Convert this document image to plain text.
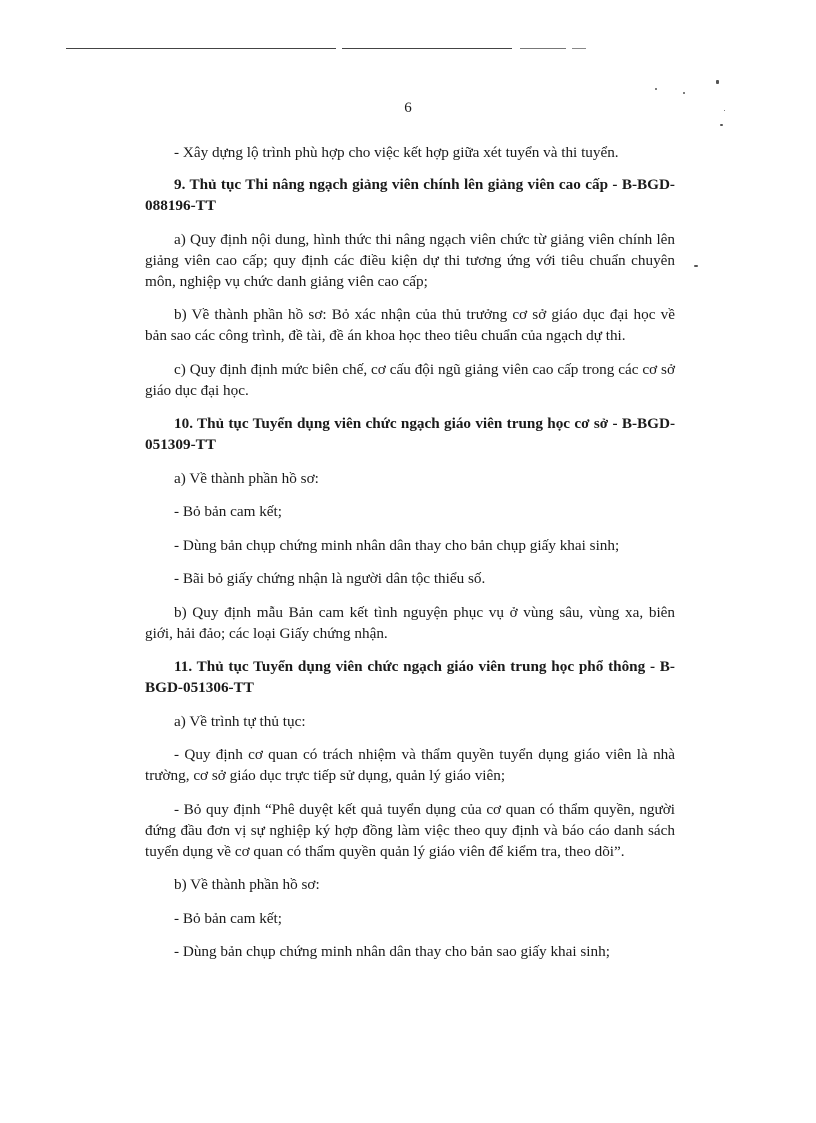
6

- Xây dựng lộ trình phù hợp cho việc kết hợp giữa xét tuyển và thi tuyển.

9. Thủ tục Thi nâng ngạch giảng viên chính lên giảng viên cao cấp - B-BGD-088196-TT

a) Quy định nội dung, hình thức thi nâng ngạch viên chức từ giảng viên chính lên giảng viên cao cấp; quy định các điều kiện dự thi tương ứng với tiêu chuẩn chuyên môn, nghiệp vụ chức danh giảng viên cao cấp;

b) Về thành phần hồ sơ: Bỏ xác nhận của thủ trưởng cơ sở giáo dục đại học về bản sao các công trình, đề tài, đề án khoa học theo tiêu chuẩn của ngạch dự thi.

c) Quy định định mức biên chế, cơ cấu đội ngũ giảng viên cao cấp trong các cơ sở giáo dục đại học.

10. Thủ tục Tuyển dụng viên chức ngạch giáo viên trung học cơ sở - B-BGD-051309-TT

a) Về thành phần hồ sơ:

- Bỏ bản cam kết;

- Dùng bản chụp chứng minh nhân dân thay cho bản chụp giấy khai sinh;

- Bãi bỏ giấy chứng nhận là người dân tộc thiểu số.

b) Quy định mẫu Bản cam kết tình nguyện phục vụ ở vùng sâu, vùng xa, biên giới, hải đảo; các loại Giấy chứng nhận.

11. Thủ tục Tuyển dụng viên chức ngạch giáo viên trung học phổ thông - B-BGD-051306-TT

a) Về trình tự thủ tục:

- Quy định cơ quan có trách nhiệm và thẩm quyền tuyển dụng giáo viên là nhà trường, cơ sở giáo dục trực tiếp sử dụng, quản lý giáo viên;

- Bỏ quy định “Phê duyệt kết quả tuyển dụng của cơ quan có thẩm quyền, người đứng đầu đơn vị sự nghiệp ký hợp đồng làm việc theo quy định và báo cáo danh sách tuyển dụng về cơ quan có thẩm quyền quản lý giáo viên để kiểm tra, theo dõi”.

b) Về thành phần hồ sơ:

- Bỏ bản cam kết;

- Dùng bản chụp chứng minh nhân dân thay cho bản sao giấy khai sinh;
